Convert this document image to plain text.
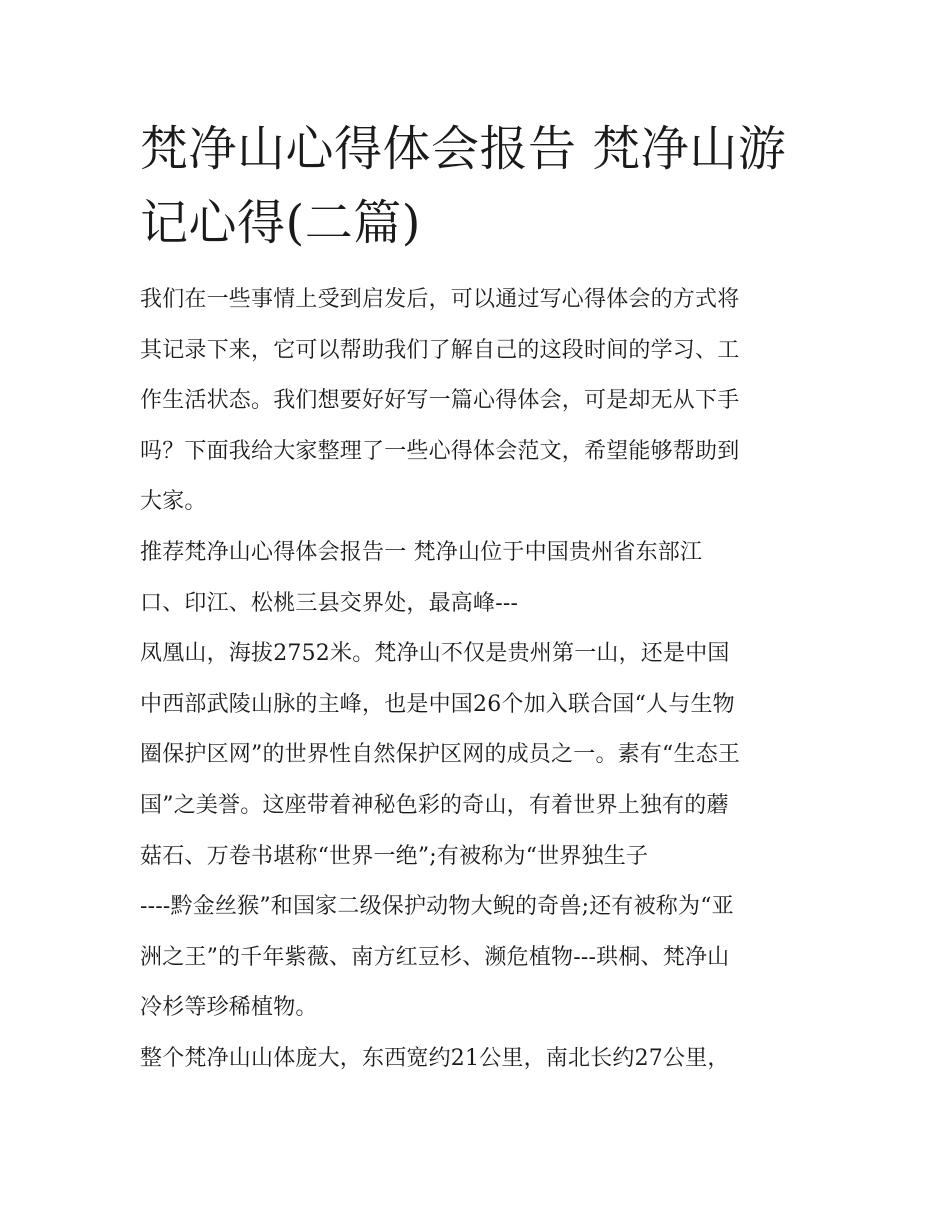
梵净山心得体会报告 梵净山游
记心得(二篇)
我们在一些事情上受到启发后，可以通过写心得体会的方式将
其记录下来，它可以帮助我们了解自己的这段时间的学习、工
作生活状态。我们想要好好写一篇心得体会，可是却无从下手
吗？下面我给大家整理了一些心得体会范文，希望能够帮助到
大家。
推荐梵净山心得体会报告一 梵净山位于中国贵州省东部江
口、印江、松桃三县交界处，最高峰---
凤凰山，海拔2752米。梵净山不仅是贵州第一山，还是中国
中西部武陵山脉的主峰，也是中国26个加入联合国“人与生物
圈保护区网”的世界性自然保护区网的成员之一。素有“生态王
国”之美誉。这座带着神秘色彩的奇山，有着世界上独有的蘑
菇石、万卷书堪称“世界一绝”;有被称为“世界独生子
----黔金丝猴”和国家二级保护动物大鲵的奇兽;还有被称为“亚
洲之王”的千年紫薇、南方红豆杉、濒危植物---珙桐、梵净山
冷杉等珍稀植物。
整个梵净山山体庞大，东西宽约21公里，南北长约27公里，
